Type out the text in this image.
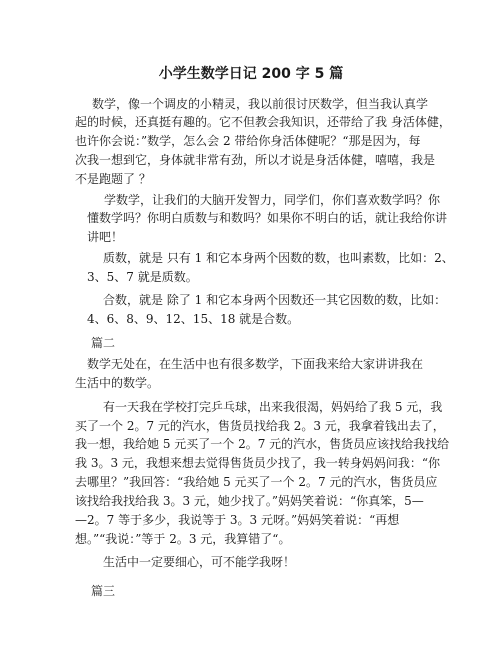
小学生数学日记 200 字 5 篇
数学，像一个调皮的小精灵，我以前很讨厌数学，但当我认真学
起的时候，还真挺有趣的。它不但教会我知识，还带给了我 身活体健，
也许你会说：”数学，怎么会 2 带给你身活体健呢？“那是因为，每
次我一想到它，身体就非常有劲，所以才说是身活体健，嘻嘻，我是
不是跑题了 ？
学数学，让我们的大脑开发智力，同学们，你们喜欢数学吗？你
懂数学吗？你明白质数与和数吗？如果你不明白的话，就让我给你讲
讲吧！
质数，就是 只有 1 和它本身两个因数的数，也叫素数，比如：2、
3、5、7 就是质数。
合数，就是 除了 1 和它本身两个因数还一其它因数的数，比如：
4、6、8、9、12、15、18 就是合数。
篇二
数学无处在，在生活中也有很多数学，下面我来给大家讲讲我在
生活中的数学。
有一天我在学校打完乒乓球，出来我很渴，妈妈给了我 5 元，我
买了一个 2。7 元的汽水，售货员找给我 2。3 元，我拿着钱出去了，
我一想，我给她 5 元买了一个 2。7 元的汽水，售货员应该找给我找给
我 3。3 元，我想来想去觉得售货员少找了，我一转身妈妈问我：“你
去哪里？”我回答：“我给她 5 元买了一个 2。7 元的汽水，售货员应
该找给我找给我 3。3 元，她少找了。”妈妈笑着说：“你真笨，5—
—2。7 等于多少，我说等于 3。3 元呀。”妈妈笑着说：“再想
想。”“我说：”等于 2。3 元，我算错了“。
生活中一定要细心，可不能学我呀！
篇三
